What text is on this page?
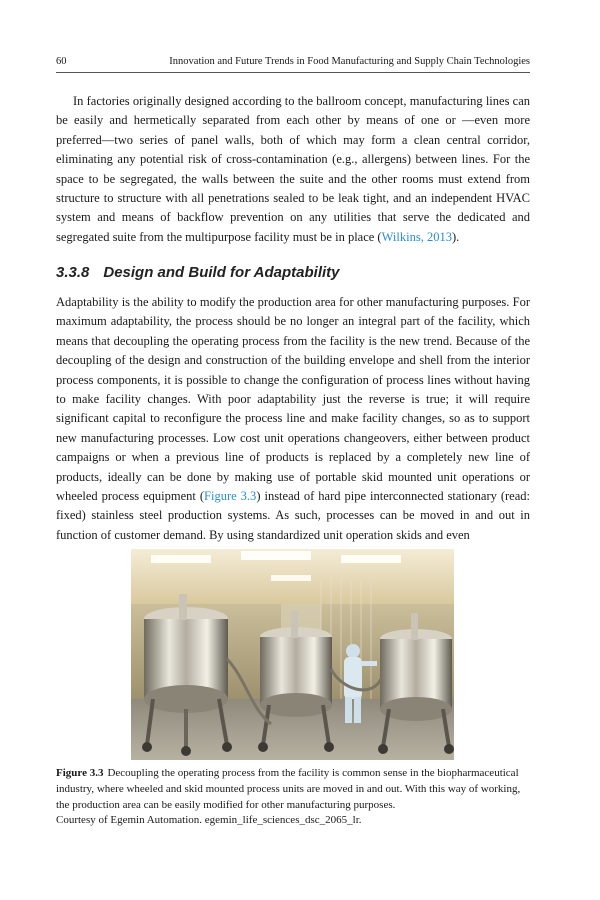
60	Innovation and Future Trends in Food Manufacturing and Supply Chain Technologies

In factories originally designed according to the ballroom concept, manufacturing lines can be easily and hermetically separated from each other by means of one or —even more preferred—two series of panel walls, both of which may form a clean central corridor, eliminating any potential risk of cross-contamination (e.g., allergens) between lines. For the space to be segregated, the walls between the suite and the other rooms must extend from structure to structure with all penetrations sealed to be leak tight, and an independent HVAC system and means of backflow prevention on any utilities that serve the dedicated and segregated suite from the multipurpose facility must be in place (Wilkins, 2013).

3.3.8 Design and Build for Adaptability

Adaptability is the ability to modify the production area for other manufacturing purposes. For maximum adaptability, the process should be no longer an integral part of the facility, which means that decoupling the operating process from the facility is the new trend. Because of the decoupling of the design and construction of the building envelope and shell from the interior process components, it is possible to change the configuration of process lines without having to make facility changes. With poor adaptability just the reverse is true; it will require significant capital to reconfigure the process line and make facility changes, so as to support new manufacturing processes. Low cost unit operations changeovers, either between product campaigns or when a previous line of products is replaced by a completely new line of products, ideally can be done by making use of portable skid mounted unit operations or wheeled process equipment (Figure 3.3) instead of hard pipe interconnected stationary (read: fixed) stainless steel production systems. As such, processes can be moved in and out in function of customer demand. By using standardized unit operation skids and even

Figure 3.3 Decoupling the operating process from the facility is common sense in the biopharmaceutical industry, where wheeled and skid mounted process units are moved in and out. With this way of working, the production area can be easily modified for other manufacturing purposes.

Courtesy of Egemin Automation. egemin_life_sciences_dsc_2065_lr.
